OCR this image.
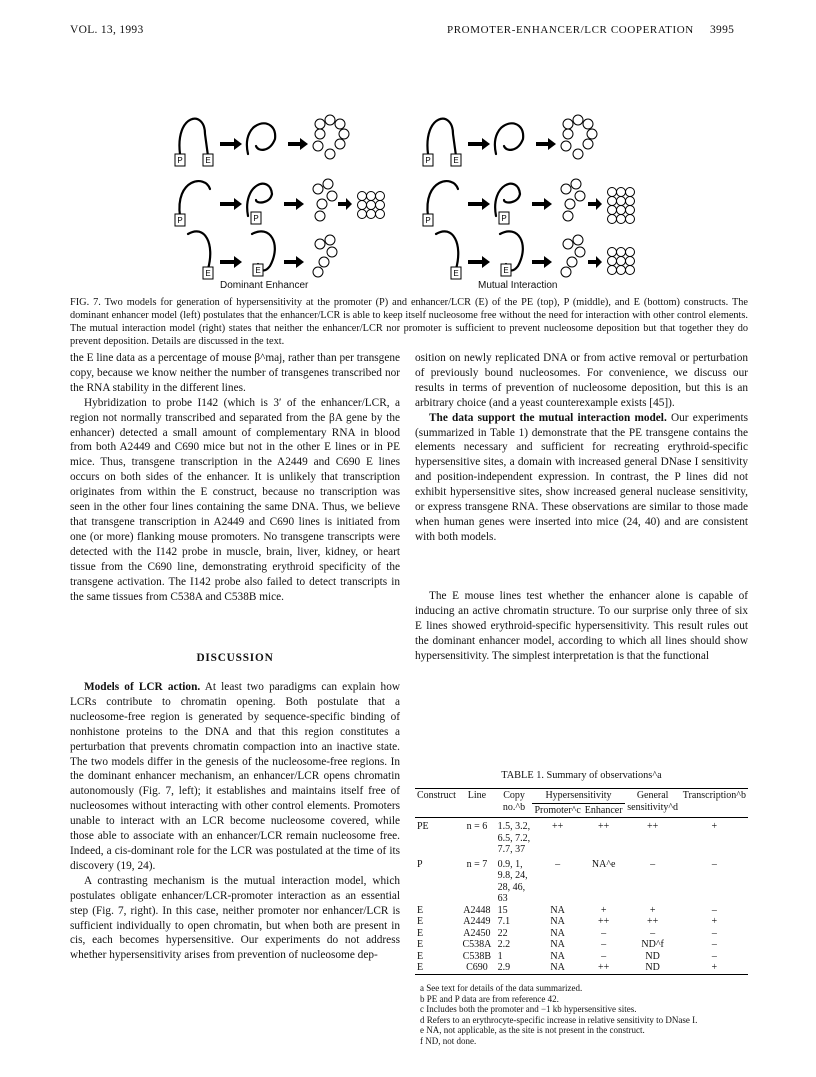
VOL. 13, 1993	PROMOTER-ENHANCER/LCR COOPERATION 3995
P	E
P	P
E	E
P	E
P	P
E	E
Dominant Enhancer	Mutual Interaction
FIG. 7. Two models for generation of hypersensitivity at the promoter (P) and enhancer/LCR (E) of the PE (top), P (middle), and E (bottom) constructs. The dominant enhancer model (left) postulates that the enhancer/LCR is able to keep itself nucleosome free without the need for interaction with other control elements. The mutual interaction model (right) states that neither the enhancer/LCR nor promoter is sufficient to prevent nucleosome deposition but that together they do prevent deposition. Details are discussed in the text.

the E line data as a percentage of mouse β^maj, rather than per transgene copy, because we know neither the number of transgenes transcribed nor the RNA stability in the different lines.

Hybridization to probe I142 (which is 3′ of the enhancer/LCR, a region not normally transcribed and separated from the βA gene by the enhancer) detected a small amount of complementary RNA in blood from both A2449 and C690 mice but not in the other E lines or in PE mice. Thus, transgene transcription in the A2449 and C690 E lines occurs on both sides of the enhancer. It is unlikely that transcription originates from within the E construct, because no transcription was seen in the other four lines containing the same DNA. Thus, we believe that transgene transcription in A2449 and C690 lines is initiated from one (or more) flanking mouse promoters. No transgene transcripts were detected with the I142 probe in muscle, brain, liver, kidney, or heart tissue from the C690 line, demonstrating erythroid specificity of the transgene activation. The I142 probe also failed to detect transcripts in the same tissues from C538A and C538B mice.

DISCUSSION

Models of LCR action. At least two paradigms can explain how LCRs contribute to chromatin opening. Both postulate that a nucleosome-free region is generated by sequence-specific binding of nonhistone proteins to the DNA and that this region constitutes a perturbation that prevents chromatin compaction into an inactive state. The two models differ in the genesis of the nucleosome-free regions. In the dominant enhancer mechanism, an enhancer/LCR opens chromatin autonomously (Fig. 7, left); it establishes and maintains itself free of nucleosomes without interacting with other control elements. Promoters unable to interact with an LCR become nucleosome covered, while those able to associate with an enhancer/LCR remain nucleosome free. Indeed, a cis-dominant role for the LCR was postulated at the time of its discovery (19, 24).

A contrasting mechanism is the mutual interaction model, which postulates obligate enhancer/LCR-promoter interaction as an essential step (Fig. 7, right). In this case, neither promoter nor enhancer/LCR is sufficient individually to open chromatin, but when both are present in cis, each becomes hypersensitive. Our experiments do not address whether hypersensitivity arises from prevention of nucleosome dep-

osition on newly replicated DNA or from active removal or perturbation of previously bound nucleosomes. For convenience, we discuss our results in terms of prevention of nucleosome deposition, but this is an arbitrary choice (and a yeast counterexample exists [45]).

The data support the mutual interaction model. Our experiments (summarized in Table 1) demonstrate that the PE transgene contains the elements necessary and sufficient for recreating erythroid-specific hypersensitive sites, a domain with increased general DNase I sensitivity and position-independent expression. In contrast, the P lines did not exhibit hypersensitive sites, show increased general nuclease sensitivity, or express transgene RNA. These observations are similar to those made when human genes were inserted into mice (24, 40) and are consistent with both models.

The E mouse lines test whether the enhancer alone is capable of inducing an active chromatin structure. To our surprise only three of six E lines showed erythroid-specific hypersensitivity. This result rules out the dominant enhancer model, according to which all lines should show hypersensitivity. The simplest interpretation is that the functional

TABLE 1. Summary of observations^a
Construct	Line	Copy no.^b	Hypersensitivity		General sensitivity^d	Transcription^b
			Promoter^c	Enhancer		
PE	n = 6	1.5, 3.2, 6.5, 7.2, 7.7, 37	++	++	++	+
P	n = 7	0.9, 1, 9.8, 24, 28, 46, 63	–	NA^e	–	–
E	A2448	15	NA	+	+	–
E	A2449	7.1	NA	++	++	+
E	A2450	22	NA	–	–	–
E	C538A	2.2	NA	–	ND^f	–
E	C538B	1	NA	–	ND	–
E	C690	2.9	NA	++	ND	+
a See text for details of the data summarized.
b PE and P data are from reference 42.
c Includes both the promoter and −1 kb hypersensitive sites.
d Refers to an erythrocyte-specific increase in relative sensitivity to DNase I.
e NA, not applicable, as the site is not present in the construct.
f ND, not done.
